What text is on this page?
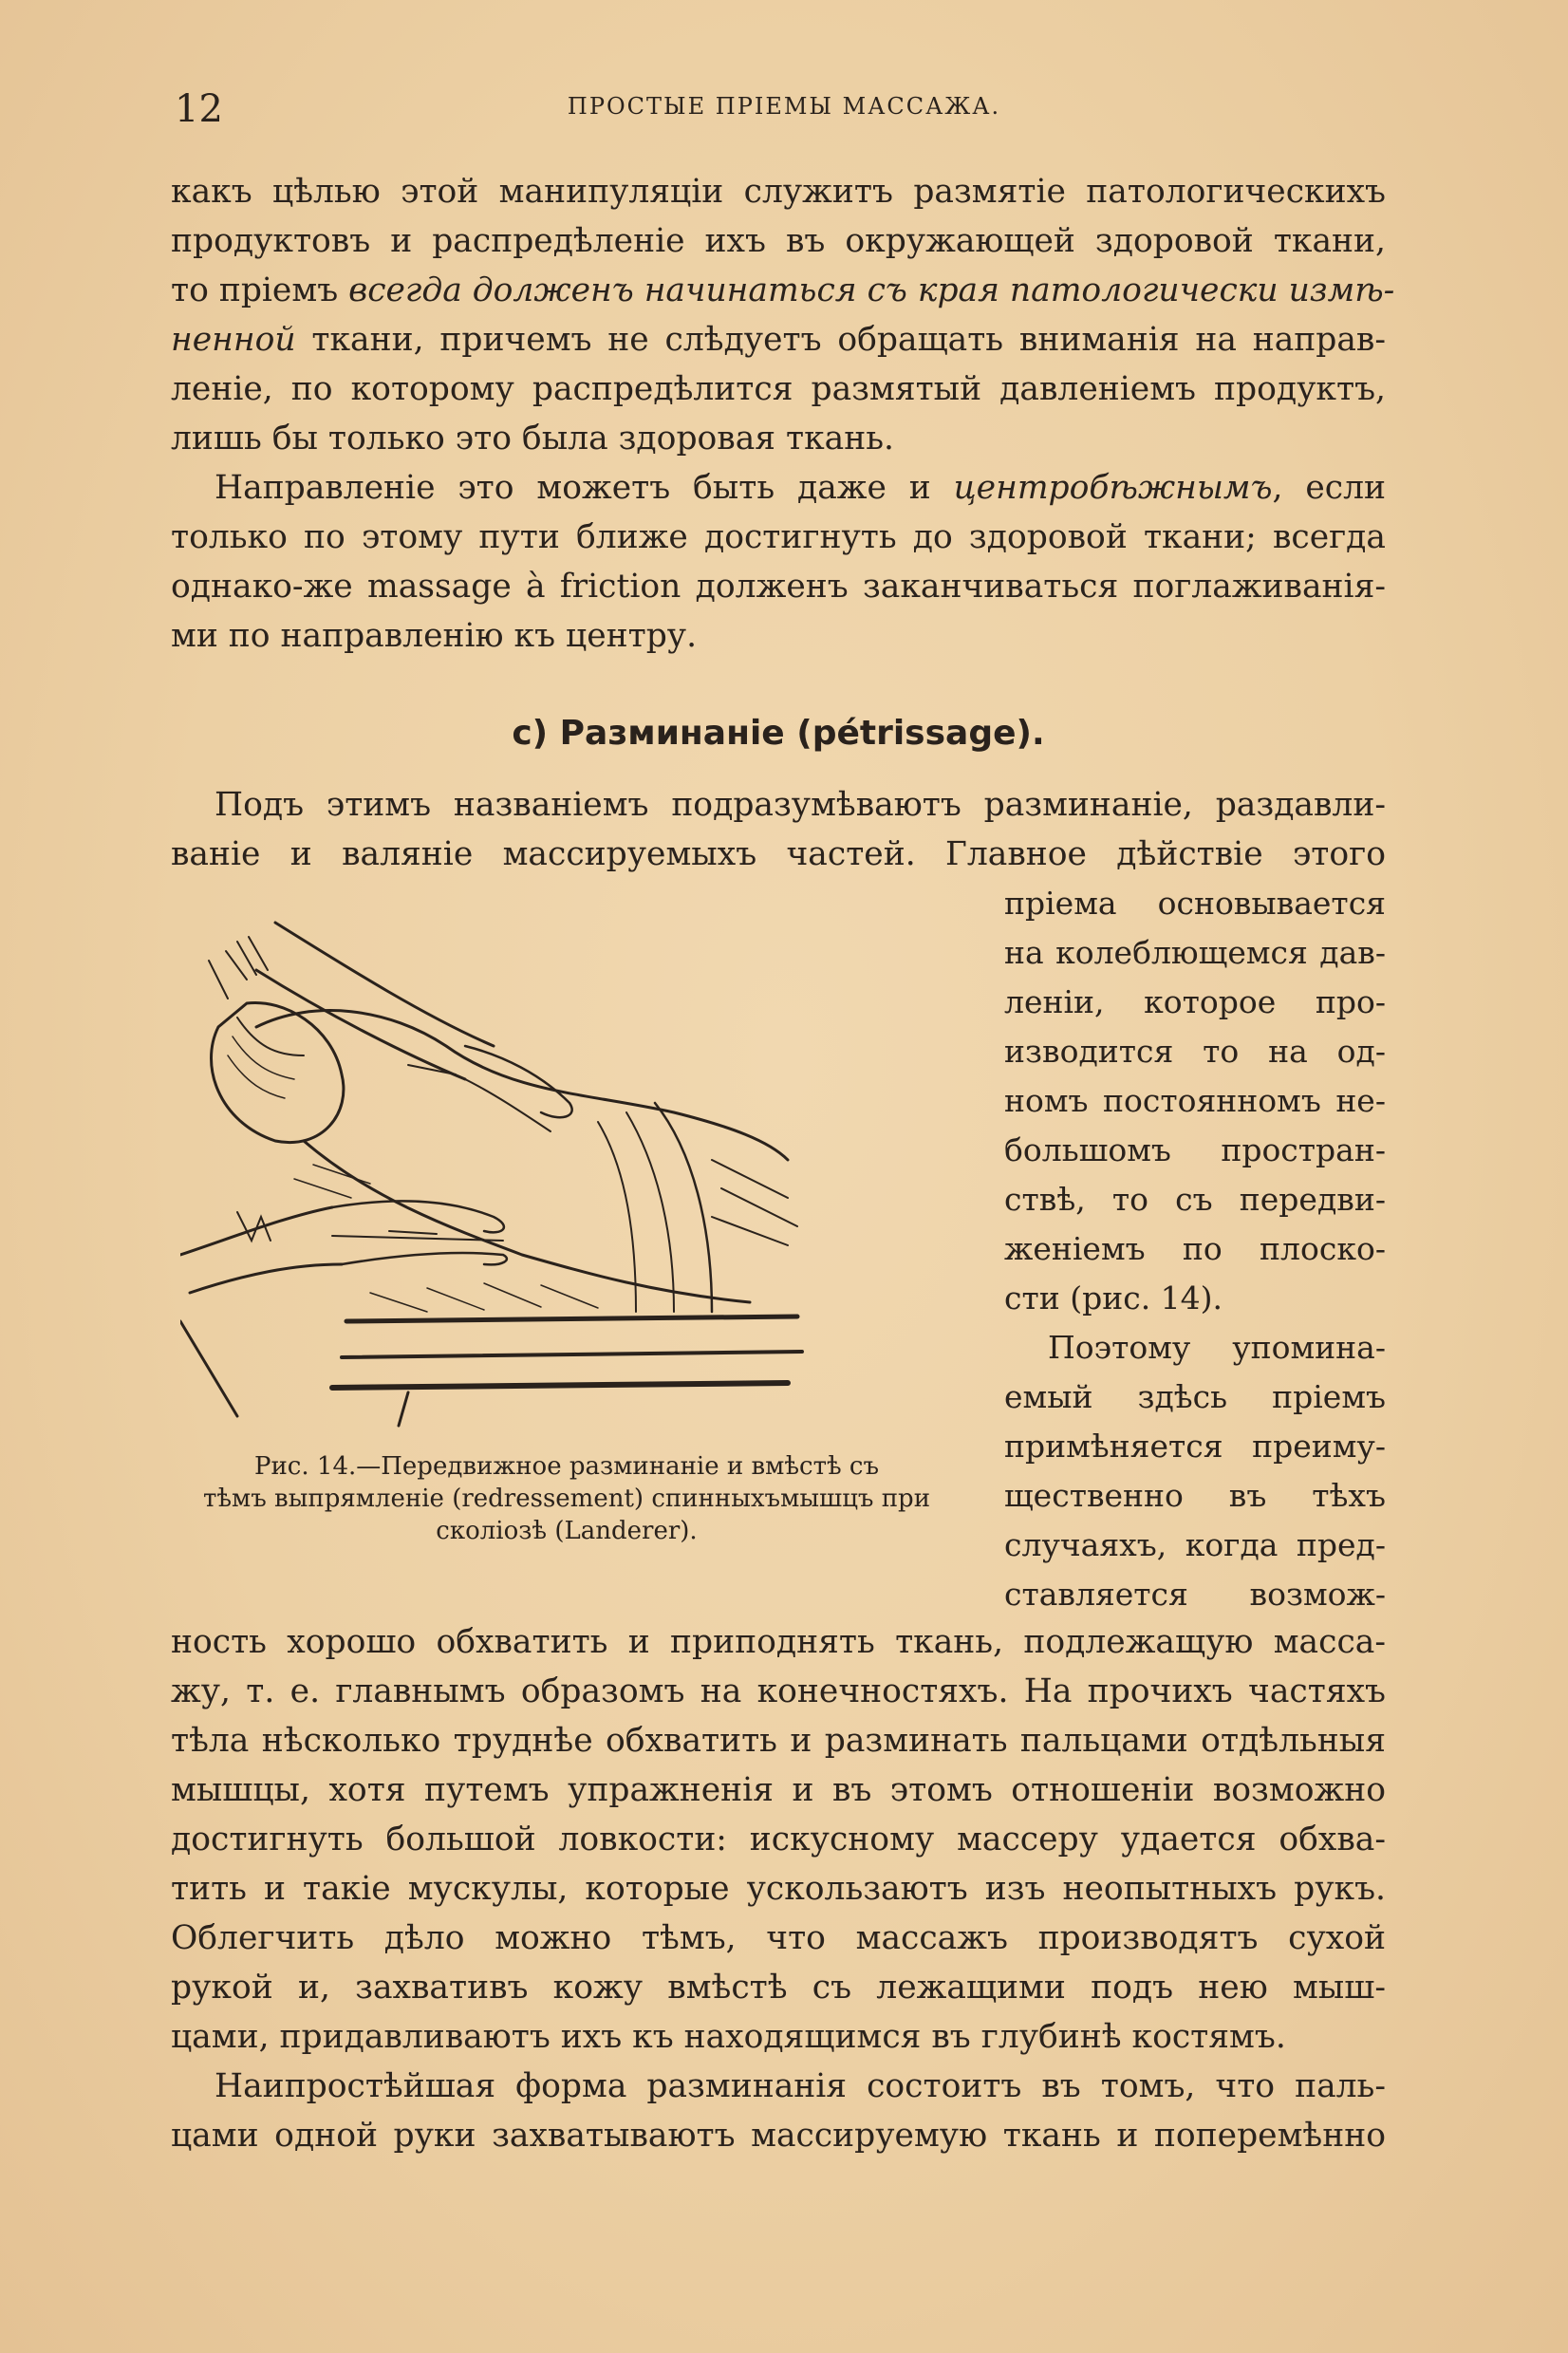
12	ПРОСТЫЕ ПРІЕМЫ МАССАЖА.

какъ цѣлью этой манипуляціи служитъ размятіе патологическихъ

продуктовъ и распредѣленіе ихъ въ окружающей здоровой ткани,

то пріемъ всегда долженъ начинаться съ края патологически измѣ-

ненной ткани, причемъ не слѣдуетъ обращать вниманія на направ-

леніе, по которому распредѣлится размятый давленіемъ продуктъ,

лишь бы только это была здоровая ткань.

Направленіе это можетъ быть даже и центробѣжнымъ, если

только по этому пути ближе достигнуть до здоровой ткани; всегда

однако-же massage à friction долженъ заканчиваться поглаживанія-

ми по направленію къ центру.

c) Разминаніе (pétrissage).

Подъ этимъ названіемъ подразумѣваютъ разминаніе, раздавли-

ваніе и валяніе массируемыхъ частей. Главное дѣйствіе этого

пріема основывается

на колеблющемся дав-

леніи, которое про-

изводится то на од-

номъ постоянномъ не-

большомъ простран-

ствѣ, то съ передви-

женіемъ по плоско-

сти (рис. 14).

Поэтому упомина-

емый здѣсь пріемъ

примѣняется преиму-

щественно въ тѣхъ

случаяхъ, когда пред-

ставляется возмож-

Рис. 14.—Передвижное разминаніе и вмѣстѣ съ
тѣмъ выпрямленіе (redressement) спинныхъмышцъ при
сколіозѣ (Landerer).

ность хорошо обхватить и приподнять ткань, подлежащую масса-

жу, т. е. главнымъ образомъ на конечностяхъ. На прочихъ частяхъ

тѣла нѣсколько труднѣе обхватить и разминать пальцами отдѣльныя

мышцы, хотя путемъ упражненія и въ этомъ отношеніи возможно

достигнуть большой ловкости: искусному массеру удается обхва-

тить и такіе мускулы, которые ускользаютъ изъ неопытныхъ рукъ.

Облегчить дѣло можно тѣмъ, что массажъ производятъ сухой

рукой и, захвативъ кожу вмѣстѣ съ лежащими подъ нею мыш-

цами, придавливаютъ ихъ къ находящимся въ глубинѣ костямъ.

Наипростѣйшая форма разминанія состоитъ въ томъ, что паль-

цами одной руки захватываютъ массируемую ткань и поперемѣнно
